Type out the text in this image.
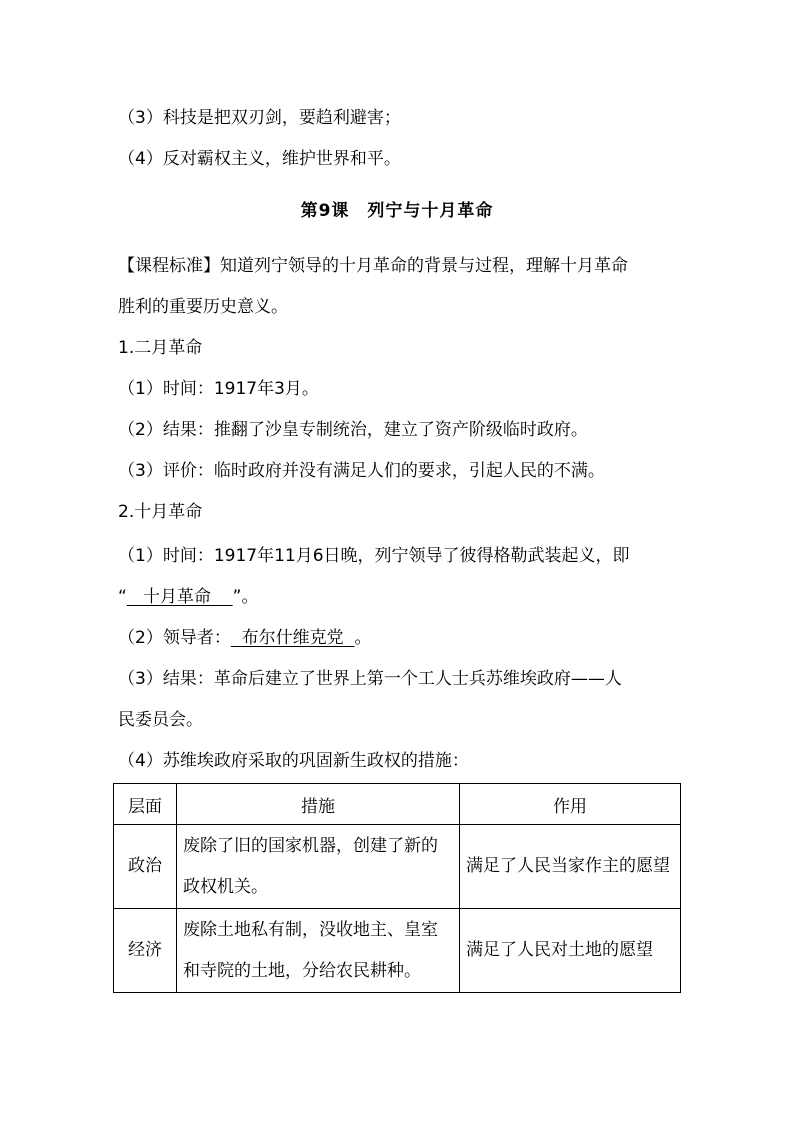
（3）科技是把双刃剑，要趋利避害；
（4）反对霸权主义，维护世界和平。
第9课　列宁与十月革命
【课程标准】知道列宁领导的十月革命的背景与过程，理解十月革命
胜利的重要历史意义。
1.二月革命
（1）时间：1917年3月。
（2）结果：推翻了沙皇专制统治，建立了资产阶级临时政府。
（3）评价：临时政府并没有满足人们的要求，引起人民的不满。
2.十月革命
（1）时间：1917年11月6日晚，列宁领导了彼得格勒武装起义，即
“ 十月革命 ”。
（2）领导者： 布尔什维克党 。
（3）结果：革命后建立了世界上第一个工人士兵苏维埃政府——人
民委员会。
（4）苏维埃政府采取的巩固新生政权的措施：
层面	措施	作用
政治	废除了旧的国家机器，创建了新的政权机关。	满足了人民当家作主的愿望
经济	废除土地私有制，没收地主、皇室和寺院的土地，分给农民耕种。	满足了人民对土地的愿望
